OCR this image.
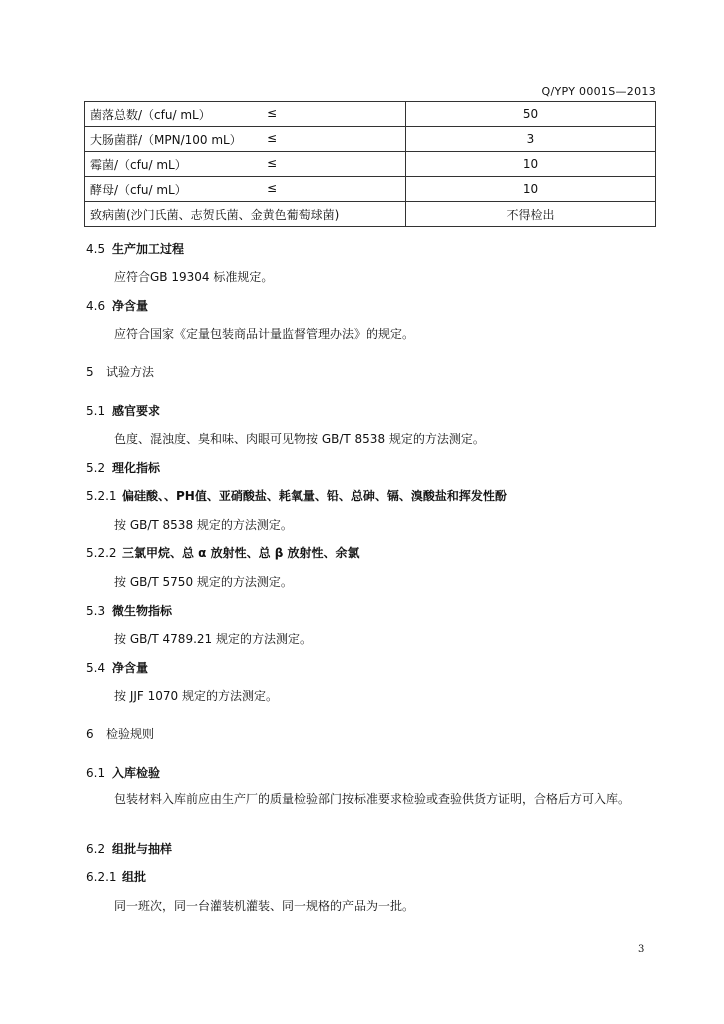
Q/YPY 0001S—2013
菌落总数/（cfu/ mL） ≤	50
大肠菌群/（MPN/100 mL） ≤	3
霉菌/（cfu/ mL） ≤	10
酵母/（cfu/ mL） ≤	10
致病菌(沙门氏菌、志贺氏菌、金黄色葡萄球菌)	不得检出
4.5 生产加工过程
应符合GB 19304 标准规定。
4.6 净含量
应符合国家《定量包装商品计量监督管理办法》的规定。
5 试验方法
5.1 感官要求
色度、混浊度、臭和味、肉眼可见物按 GB/T 8538 规定的方法测定。
5.2 理化指标
5.2.1 偏硅酸、、PH值、亚硝酸盐、耗氧量、铅、总砷、镉、溴酸盐和挥发性酚
按 GB/T 8538 规定的方法测定。
5.2.2 三氯甲烷、总 α 放射性、总 β 放射性、余氯
按 GB/T 5750 规定的方法测定。
5.3 微生物指标
按 GB/T 4789.21 规定的方法测定。
5.4 净含量
按 JJF 1070 规定的方法测定。
6 检验规则
6.1 入库检验
包装材料入库前应由生产厂的质量检验部门按标准要求检验或查验供货方证明，合格后方可入库。
6.2 组批与抽样
6.2.1 组批
同一班次，同一台灌装机灌装、同一规格的产品为一批。
3
